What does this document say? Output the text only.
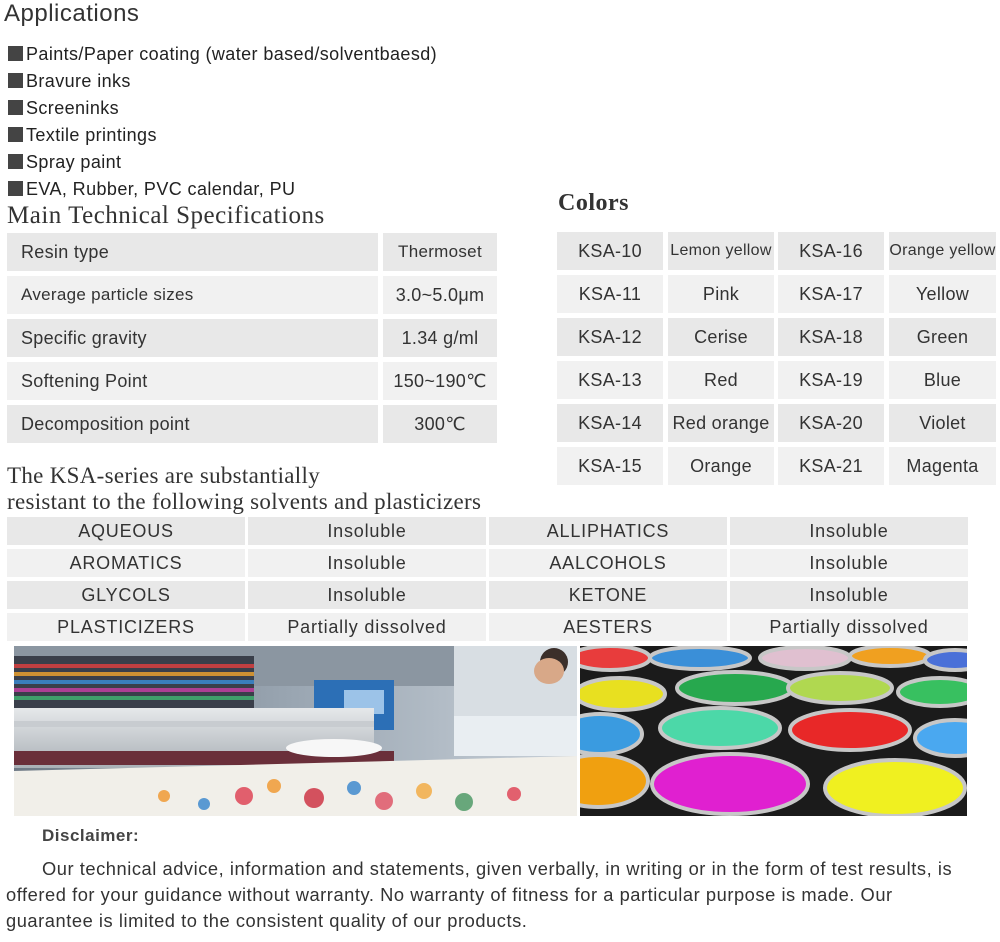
Applications
Paints/Paper coating (water based/solventbaesd)
Bravure inks
Screeninks
Textile printings
Spray paint
EVA, Rubber, PVC calendar, PU
Main Technical Specifications
Resin type	Thermoset
Average particle sizes	3.0~5.0μm
Specific gravity	1.34 g/ml
Softening Point	150~190℃
Decomposition point	300℃
Colors
KSA-10	Lemon yellow	KSA-16	Orange yellow
KSA-11	Pink	KSA-17	Yellow
KSA-12	Cerise	KSA-18	Green
KSA-13	Red	KSA-19	Blue
KSA-14	Red orange	KSA-20	Violet
KSA-15	Orange	KSA-21	Magenta
The KSA-series are substantially
resistant to the following solvents and plasticizers
AQUEOUS	Insoluble	ALLIPHATICS	Insoluble
AROMATICS	Insoluble	AALCOHOLS	Insoluble
GLYCOLS	Insoluble	KETONE	Insoluble
PLASTICIZERS	Partially dissolved	AESTERS	Partially dissolved
Disclaimer:

Our technical advice, information and statements, given verbally, in writing or in the form of test results, is offered for your guidance without warranty. No warranty of fitness for a particular purpose is made. Our guarantee is limited to the consistent quality of our products.
